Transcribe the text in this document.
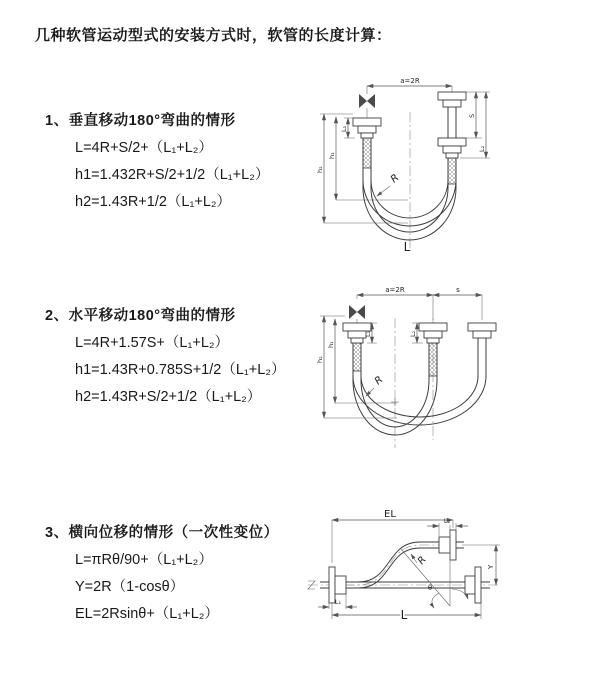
几种软管运动型式的安装方式时，软管的长度计算：
1、垂直移动180°弯曲的情形
L=4R+S/2+（L₁+L₂）
h1=1.432R+S/2+1/2（L₁+L₂）
h2=1.43R+1/2（L₁+L₂）
2、水平移动180°弯曲的情形
L=4R+1.57S+（L₁+L₂）
h1=1.43R+0.785S+1/2（L₁+L₂）
h2=1.43R+S/2+1/2（L₁+L₂）
3、横向位移的情形（一次性变位）
L=πRθ/90+（L₁+L₂）
Y=2R（1-cosθ）
EL=2Rsinθ+（L₁+L₂）
a=2R
h₂
h₁
L₁
S
L₂
R
L
a=2R	s
h₂
h₁
L₁	L₂
R
EL
L₂
L₁
Y
θ
R
L
